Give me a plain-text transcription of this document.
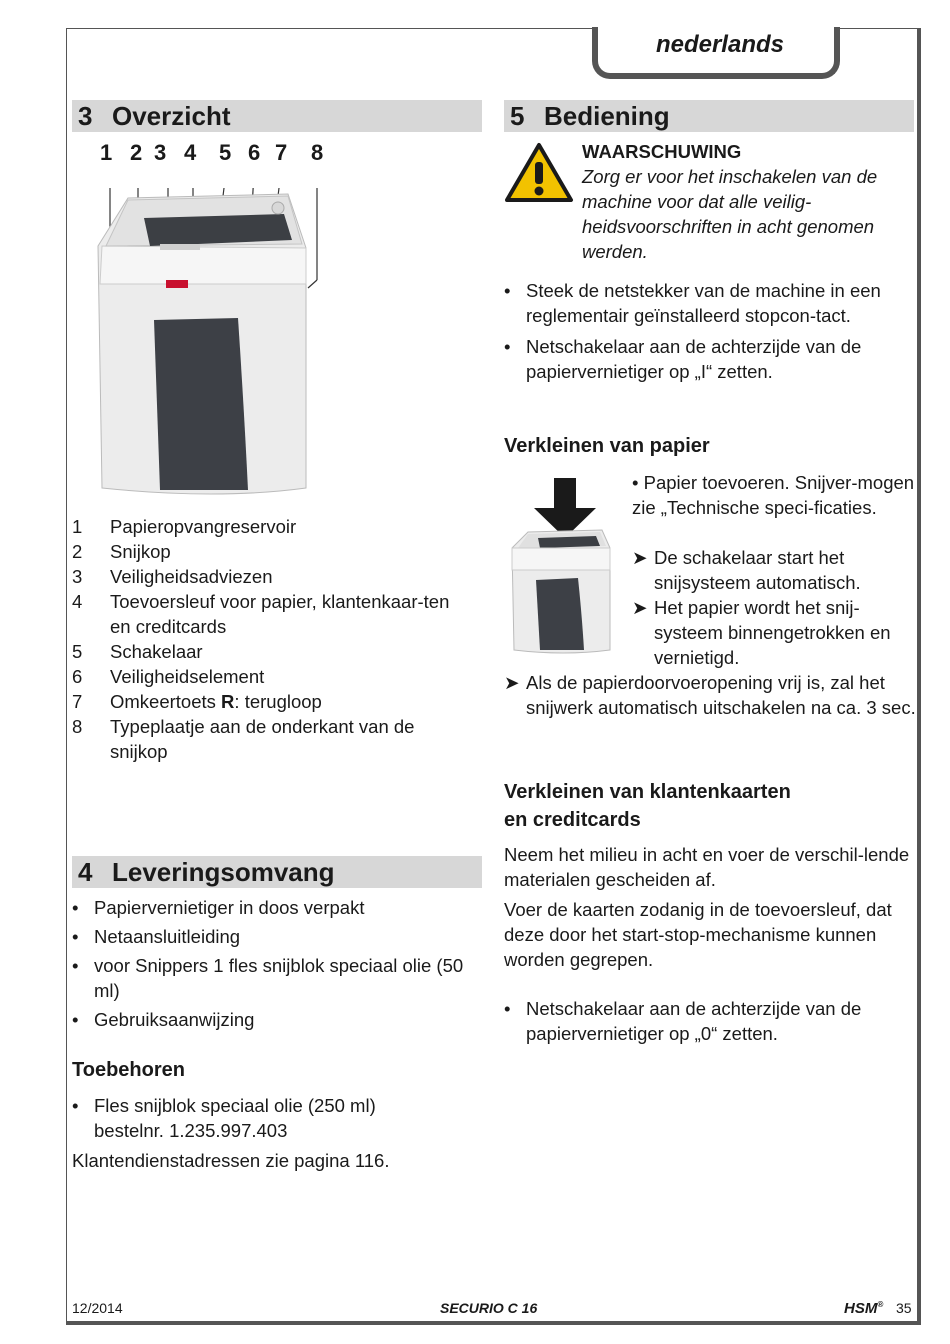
nederlands
3 Overzicht
1 2 3 4 5 6 7 8
1	Papieropvangreservoir
2	Snijkop
3	Veiligheidsadviezen
4	Toevoersleuf voor papier, klantenkaar-ten en creditcards
5	Schakelaar
6	Veiligheidselement
7	Omkeertoets R: terugloop
8	Typeplaatje aan de onderkant van de snijkop
4 Leveringsomvang
• Papiervernietiger in doos verpakt
• Netaansluitleiding
• voor Snippers 1 fles snijblok speciaal olie (50 ml)
• Gebruiksaanwijzing
Toebehoren
• Fles snijblok speciaal olie (250 ml) bestelnr. 1.235.997.403
Klantendienstadressen zie pagina 116.
5 Bediening
WAARSCHUWING
Zorg er voor het inschakelen van de machine voor dat alle veilig-heidsvoorschriften in acht genomen werden.
• Steek de netstekker van de machine in een reglementair geïnstalleerd stopcon-tact.
• Netschakelaar aan de achterzijde van de papiervernietiger op „I“ zetten.
Verkleinen van papier
• Papier toevoeren. Snijver-mogen zie „Technische speci-ficaties.
➤ De schakelaar start het snijsysteem automatisch.
➤ Het papier wordt het snij-systeem binnengetrokken en vernietigd.
➤ Als de papierdoorvoeropening vrij is, zal het snijwerk automatisch uitschakelen na ca. 3 sec.
Verkleinen van klantenkaarten
en creditcards
Neem het milieu in acht en voer de verschil-lende materialen gescheiden af.
Voer de kaarten zodanig in de toevoersleuf, dat deze door het start-stop-mechanisme kunnen worden gegrepen.
• Netschakelaar aan de achterzijde van de papiervernietiger op „0“ zetten.
12/2014	SECURIO C 16	HSM® 35
